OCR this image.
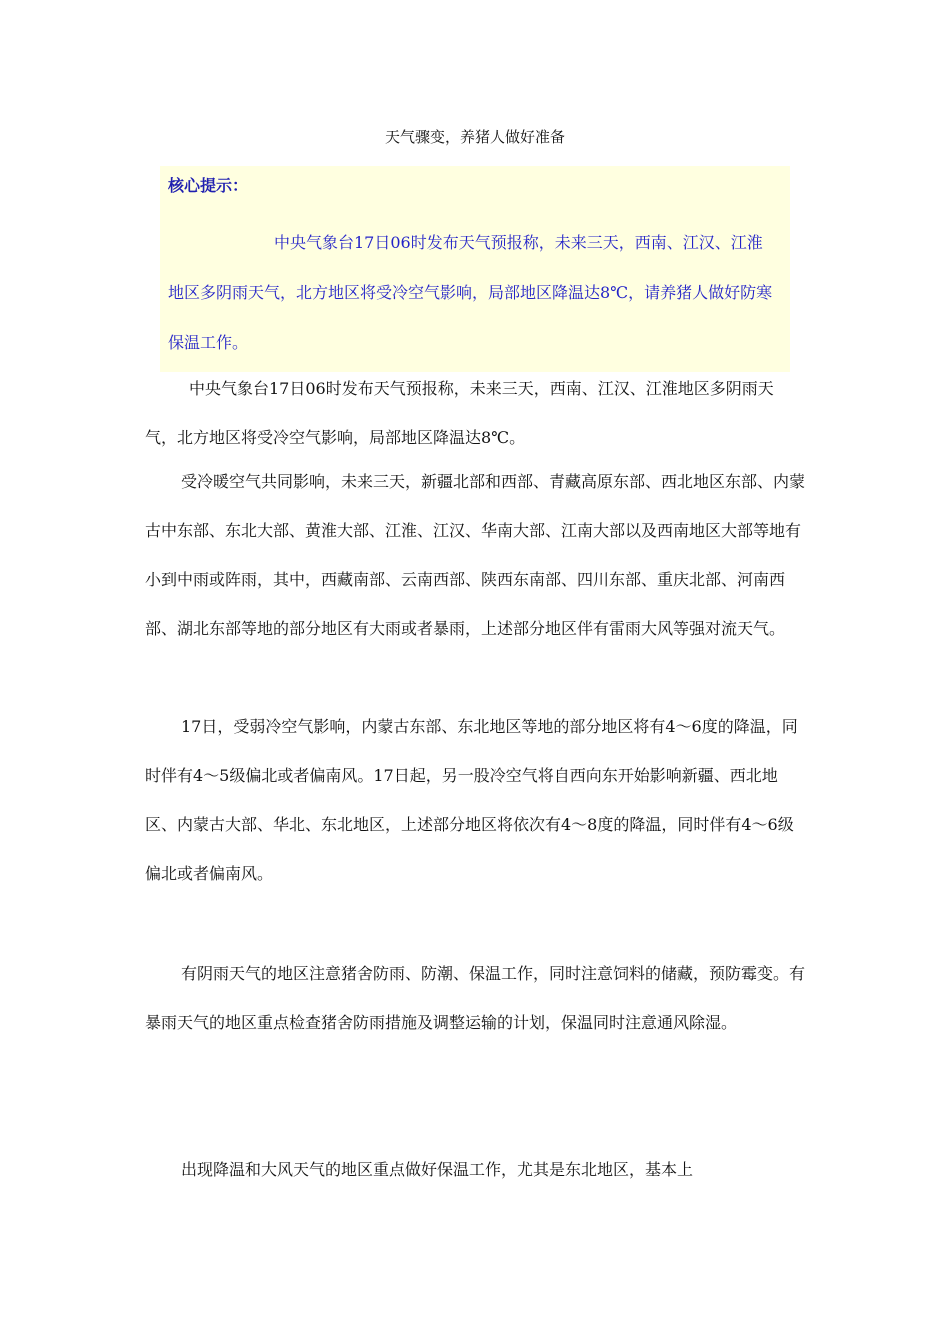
天气骤变，养猪人做好准备
核心提示：
中央气象台17日06时发布天气预报称，未来三天，西南、江汉、江淮地区多阴雨天气，北方地区将受冷空气影响，局部地区降温达8℃，请养猪人做好防寒保温工作。
中央气象台17日06时发布天气预报称，未来三天，西南、江汉、江淮地区多阴雨天气，北方地区将受冷空气影响，局部地区降温达8℃。
受冷暖空气共同影响，未来三天，新疆北部和西部、青藏高原东部、西北地区东部、内蒙古中东部、东北大部、黄淮大部、江淮、江汉、华南大部、江南大部以及西南地区大部等地有小到中雨或阵雨，其中，西藏南部、云南西部、陕西东南部、四川东部、重庆北部、河南西部、湖北东部等地的部分地区有大雨或者暴雨，上述部分地区伴有雷雨大风等强对流天气。
17日，受弱冷空气影响，内蒙古东部、东北地区等地的部分地区将有4～6度的降温，同时伴有4～5级偏北或者偏南风。17日起，另一股冷空气将自西向东开始影响新疆、西北地区、内蒙古大部、华北、东北地区，上述部分地区将依次有4～8度的降温，同时伴有4～6级偏北或者偏南风。
有阴雨天气的地区注意猪舍防雨、防潮、保温工作，同时注意饲料的储藏，预防霉变。有暴雨天气的地区重点检查猪舍防雨措施及调整运输的计划，保温同时注意通风除湿。
出现降温和大风天气的地区重点做好保温工作，尤其是东北地区，基本上
